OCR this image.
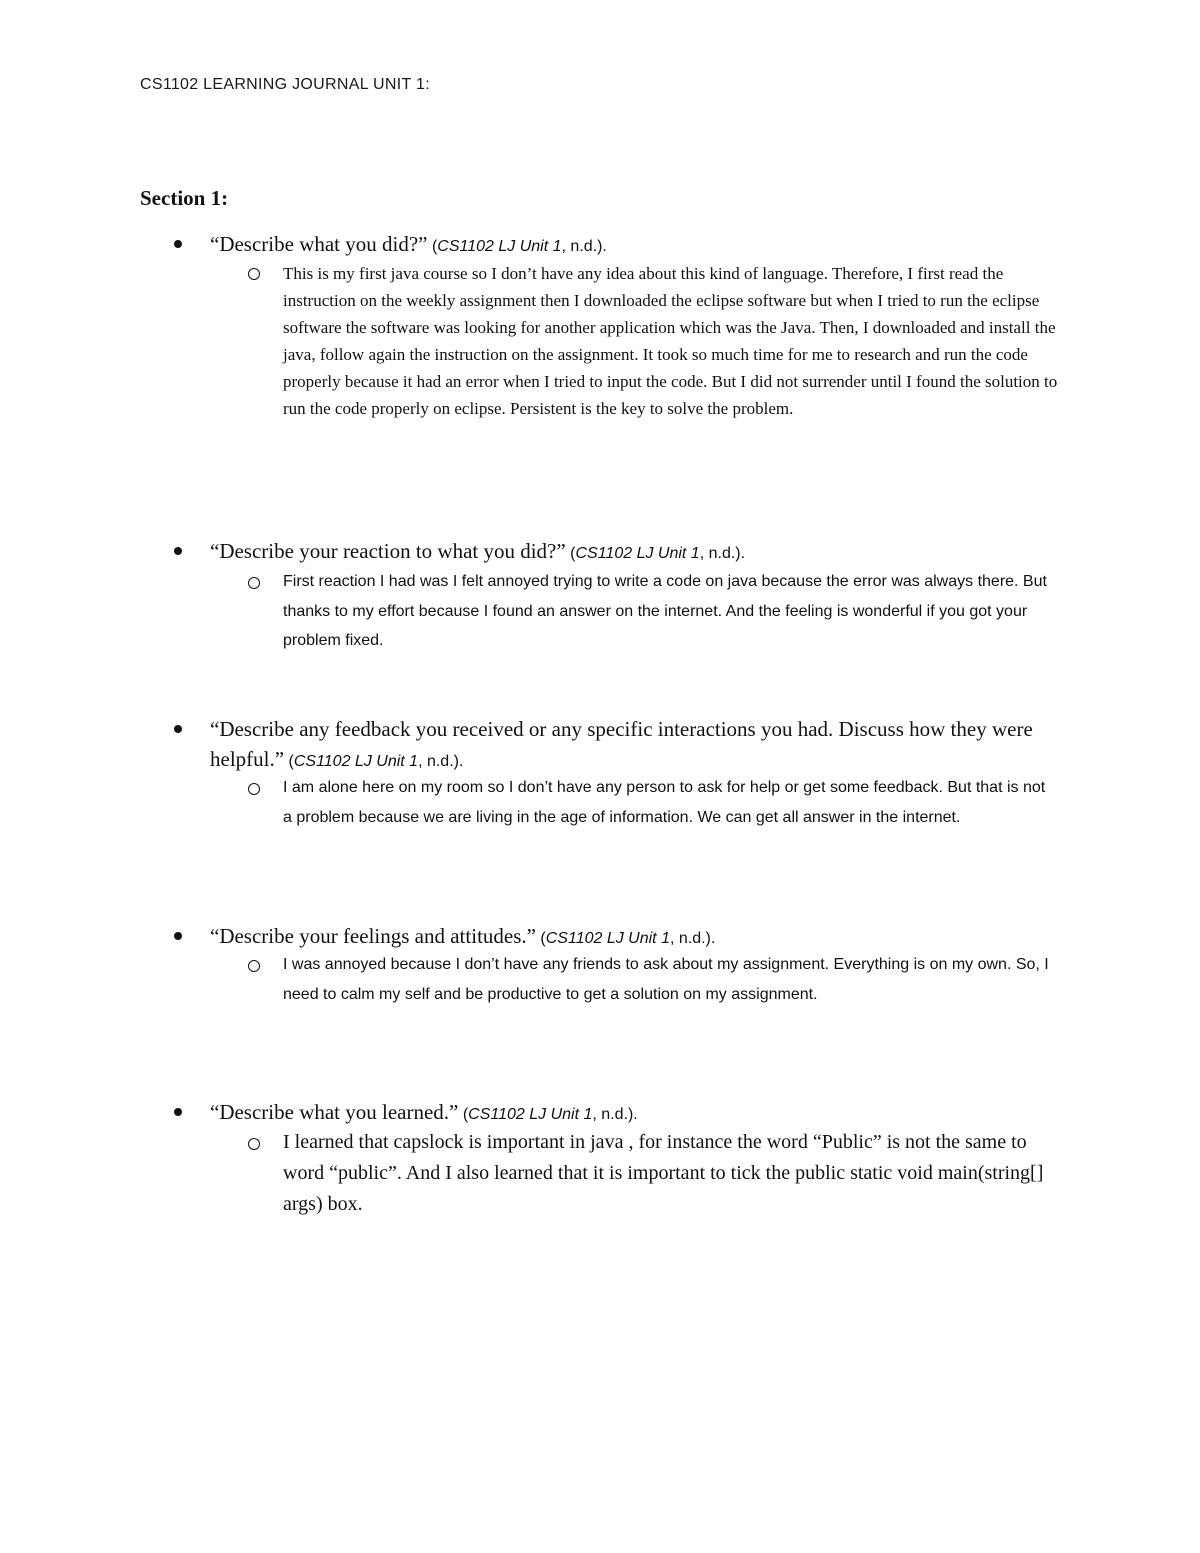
CS1102 LEARNING JOURNAL UNIT 1:
Section 1:
“Describe what you did?” (CS1102 LJ Unit 1, n.d.).
This is my first java course so I don’t have any idea about this kind of language. Therefore, I first read the instruction on the weekly assignment then I downloaded the eclipse software but when I tried to run the eclipse software the software was looking for another application which was the Java. Then, I downloaded and install the java, follow again the instruction on the assignment. It took so much time for me to research and run the code properly because it had an error when I tried to input the code. But I did not surrender until I found the solution to run the code properly on eclipse. Persistent is the key to solve the problem.
“Describe your reaction to what you did?” (CS1102 LJ Unit 1, n.d.).
First reaction I had was I felt annoyed trying to write a code on java because the error was always there. But thanks to my effort because I found an answer on the internet. And the feeling is wonderful if you got your problem fixed.
“Describe any feedback you received or any specific interactions you had. Discuss how they were helpful.” (CS1102 LJ Unit 1, n.d.).
I am alone here on my room so I don’t have any person to ask for help or get some feedback. But that is not a problem because we are living in the age of information. We can get all answer in the internet.
“Describe your feelings and attitudes.” (CS1102 LJ Unit 1, n.d.).
I was annoyed because I don’t have any friends to ask about my assignment. Everything is on my own. So, I need to calm my self and be productive to get a solution on my assignment.
“Describe what you learned.” (CS1102 LJ Unit 1, n.d.).
I learned that capslock is important in java , for instance the word “Public” is not the same to word “public”. And I also learned that it is important to tick the public static void main(string[] args) box.
